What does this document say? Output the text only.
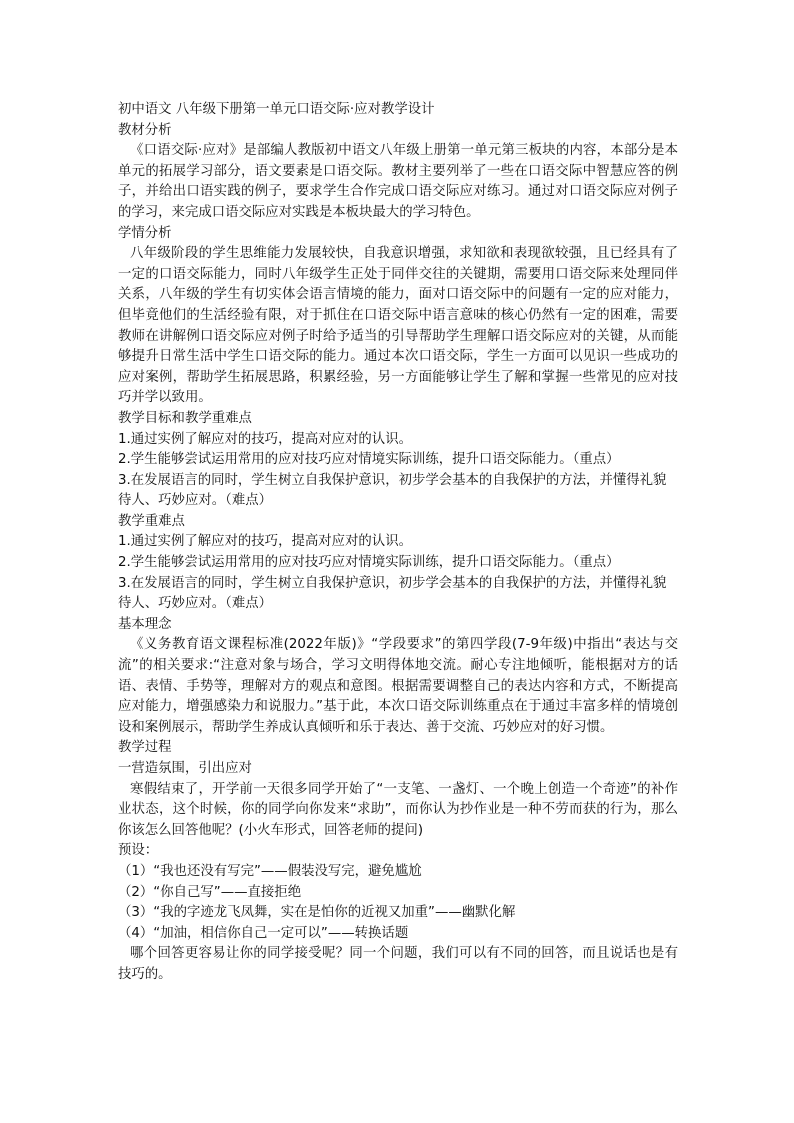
初中语文 八年级下册第一单元口语交际·应对教学设计
教材分析
《口语交际·应对》是部编人教版初中语文八年级上册第一单元第三板块的内容，本部分是本单元的拓展学习部分，语文要素是口语交际。教材主要列举了一些在口语交际中智慧应答的例子，并给出口语实践的例子，要求学生合作完成口语交际应对练习。通过对口语交际应对例子的学习，来完成口语交际应对实践是本板块最大的学习特色。
学情分析
八年级阶段的学生思维能力发展较快，自我意识增强，求知欲和表现欲较强，且已经具有了一定的口语交际能力，同时八年级学生正处于同伴交往的关键期，需要用口语交际来处理同伴关系，八年级的学生有切实体会语言情境的能力，面对口语交际中的问题有一定的应对能力，但毕竟他们的生活经验有限，对于抓住在口语交际中语言意味的核心仍然有一定的困难，需要教师在讲解例口语交际应对例子时给予适当的引导帮助学生理解口语交际应对的关键，从而能够提升日常生活中学生口语交际的能力。通过本次口语交际，学生一方面可以见识一些成功的应对案例，帮助学生拓展思路，积累经验，另一方面能够让学生了解和掌握一些常见的应对技巧并学以致用。
教学目标和教学重难点
1.通过实例了解应对的技巧，提高对应对的认识。
2.学生能够尝试运用常用的应对技巧应对情境实际训练，提升口语交际能力。（重点）
3.在发展语言的同时，学生树立自我保护意识，初步学会基本的自我保护的方法，并懂得礼貌待人、巧妙应对。（难点）
教学重难点
1.通过实例了解应对的技巧，提高对应对的认识。
2.学生能够尝试运用常用的应对技巧应对情境实际训练，提升口语交际能力。（重点）
3.在发展语言的同时，学生树立自我保护意识，初步学会基本的自我保护的方法，并懂得礼貌待人、巧妙应对。（难点）
基本理念
《义务教育语文课程标准(2022年版)》“学段要求”的第四学段(7-9年级)中指出“表达与交流”的相关要求:“注意对象与场合，学习文明得体地交流。耐心专注地倾听，能根据对方的话语、表情、手势等，理解对方的观点和意图。根据需要调整自己的表达内容和方式，不断提高应对能力，增强感染力和说服力。”基于此，本次口语交际训练重点在于通过丰富多样的情境创设和案例展示，帮助学生养成认真倾听和乐于表达、善于交流、巧妙应对的好习惯。
教学过程
一营造氛围，引出应对
寒假结束了，开学前一天很多同学开始了“一支笔、一盏灯、一个晚上创造一个奇迹”的补作业状态，这个时候，你的同学向你发来“求助”，而你认为抄作业是一种不劳而获的行为，那么你该怎么回答他呢？(小火车形式，回答老师的提问)
预设：
（1）“我也还没有写完”——假装没写完，避免尴尬
（2）“你自己写”——直接拒绝
（3）“我的字迹龙飞凤舞，实在是怕你的近视又加重”——幽默化解
（4）“加油，相信你自己一定可以”——转换话题
哪个回答更容易让你的同学接受呢？同一个问题，我们可以有不同的回答，而且说话也是有技巧的。
